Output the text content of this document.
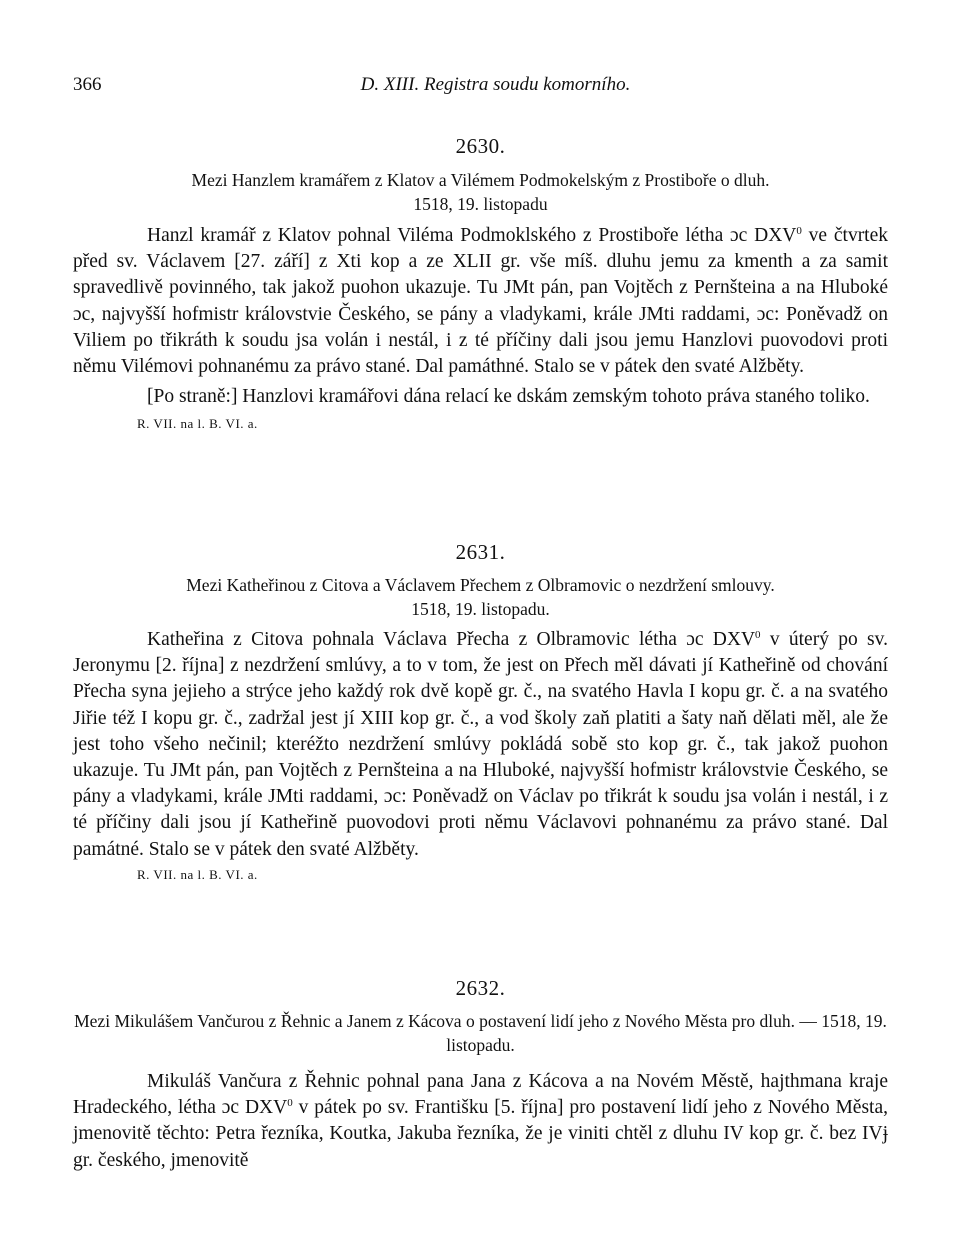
366	D. XIII. Registra soudu komorního.
2630.
Mezi Hanzlem kramářem z Klatov a Vilémem Podmokelským z Prostiboře o dluh.
1518, 19. listopadu

Hanzl kramář z Klatov pohnal Viléma Podmoklského z Prostiboře létha ɔc DXV$^0$ ve čtvrtek před sv. Václavem [27. září] z Xti kop a ze XLII gr. vše míš. dluhu jemu za kmenth a za samit spravedlivě povinného, tak jakož puohon ukazuje. Tu JMt pán, pan Vojtěch z Pernšteina a na Hluboké ɔc, najvyšší hofmistr královstvie Českého, se pány a vladykami, krále JMti raddami, ɔc: Poněvadž on Viliem po třikráth k soudu jsa volán i nestál, i z té příčiny dali jsou jemu Hanzlovi puovodovi proti němu Vilémovi pohnanému za právo stané. Dal památhné. Stalo se v pátek den svaté Alžběty.

[Po straně:] Hanzlovi kramářovi dána relací ke dskám zemským tohoto práva staného toliko.

R. VII. na l. B. VI. a.
2631.
Mezi Katheřinou z Citova a Václavem Přechem z Olbramovic o nezdržení smlouvy.
1518, 19. listopadu.

Katheřina z Citova pohnala Václava Přecha z Olbramovic létha ɔc DXV$^0$ v úterý po sv. Jeronymu [2. října] z nezdržení smlúvy, a to v tom, že jest on Přech měl dávati jí Katheřině od chování Přecha syna jejieho a strýce jeho každý rok dvě kopě gr. č., na svatého Havla I kopu gr. č. a na svatého Jiřie též I kopu gr. č., zadržal jest jí XIII kop gr. č., a vod školy zaň platiti a šaty naň dělati měl, ale že jest toho všeho nečinil; kteréžto nezdržení smlúvy pokládá sobě sto kop gr. č., tak jakož puohon ukazuje. Tu JMt pán, pan Vojtěch z Pernšteina a na Hluboké, najvyšší hofmistr královstvie Českého, se pány a vladykami, krále JMti raddami, ɔc: Poněvadž on Václav po třikrát k soudu jsa volán i nestál, i z té příčiny dali jsou jí Katheřině puovodovi proti němu Václavovi pohnanému za právo stané. Dal památné. Stalo se v pátek den svaté Alžběty.

R. VII. na l. B. VI. a.
2632.
Mezi Mikulášem Vančurou z Řehnic a Janem z Kácova o postavení lidí jeho z Nového Města pro dluh. — 1518, 19. listopadu.

Mikuláš Vančura z Řehnic pohnal pana Jana z Kácova a na Novém Městě, hajthmana kraje Hradeckého, létha ɔc DXV$^0$ v pátek po sv. Františku [5. října] pro postavení lidí jeho z Nového Města, jmenovitě těchto: Petra řezníka, Koutka, Jakuba řezníka, že je viniti chtěl z dluhu IV kop gr. č. bez IVɉ gr. českého, jmenovitě
